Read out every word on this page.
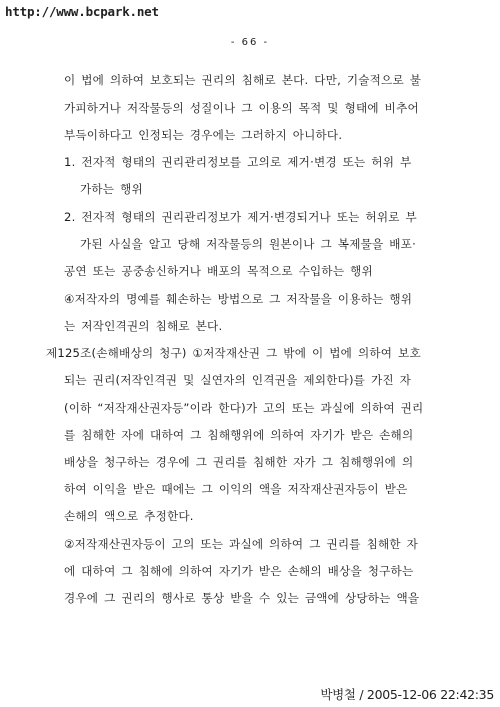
http://www.bcpark.net
- 66 -
이 법에 의하여 보호되는 권리의 침해로 본다. 다만, 기술적으로 불
가피하거나 저작물등의 성질이나 그 이용의 목적 및 형태에 비추어
부득이하다고 인정되는 경우에는 그러하지 아니하다.
1. 전자적 형태의 권리관리정보를 고의로 제거·변경 또는 허위 부
가하는 행위
2. 전자적 형태의 권리관리정보가 제거·변경되거나 또는 허위로 부
가된 사실을 알고 당해 저작물등의 원본이나 그 복제물을 배포·
공연 또는 공중송신하거나 배포의 목적으로 수입하는 행위
④저작자의 명예를 훼손하는 방법으로 그 저작물을 이용하는 행위
는 저작인격권의 침해로 본다.
제125조(손해배상의 청구) ①저작재산권 그 밖에 이 법에 의하여 보호
되는 권리(저작인격권 및 실연자의 인격권을 제외한다)를 가진 자
(이하 “저작재산권자등”이라 한다)가 고의 또는 과실에 의하여 권리
를 침해한 자에 대하여 그 침해행위에 의하여 자기가 받은 손해의
배상을 청구하는 경우에 그 권리를 침해한 자가 그 침해행위에 의
하여 이익을 받은 때에는 그 이익의 액을 저작재산권자등이 받은
손해의 액으로 추정한다.
②저작재산권자등이 고의 또는 과실에 의하여 그 권리를 침해한 자
에 대하여 그 침해에 의하여 자기가 받은 손해의 배상을 청구하는
경우에 그 권리의 행사로 통상 받을 수 있는 금액에 상당하는 액을
박병철 / 2005-12-06 22:42:35
